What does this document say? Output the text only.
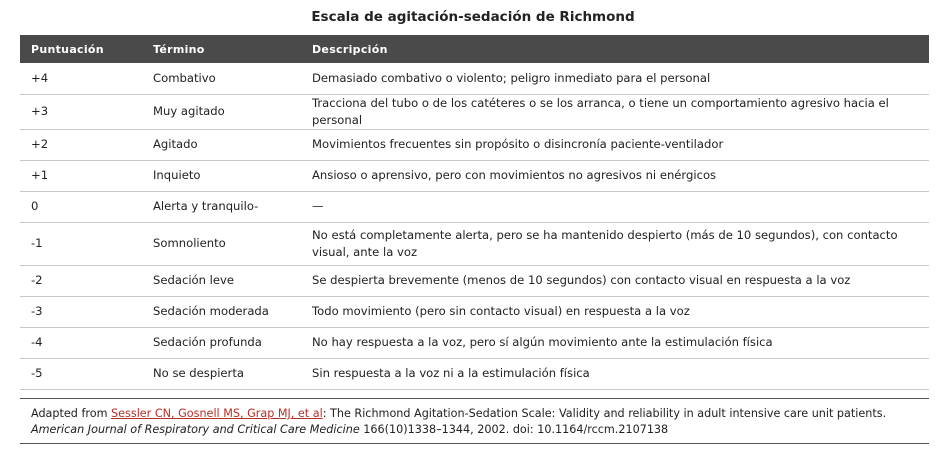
Escala de agitación-sedación de Richmond
Puntuación	Término	Descripción
+4	Combativo	Demasiado combativo o violento; peligro inmediato para el personal
+3	Muy agitado	Tracciona del tubo o de los catéteres o se los arranca, o tiene un comportamiento agresivo hacia el personal
+2	Agitado	Movimientos frecuentes sin propósito o disincronía paciente-ventilador
+1	Inquieto	Ansioso o aprensivo, pero con movimientos no agresivos ni enérgicos
0	Alerta y tranquilo-	—
-1	Somnoliento	No está completamente alerta, pero se ha mantenido despierto (más de 10 segundos), con contacto visual, ante la voz
-2	Sedación leve	Se despierta brevemente (menos de 10 segundos) con contacto visual en respuesta a la voz
-3	Sedación moderada	Todo movimiento (pero sin contacto visual) en respuesta a la voz
-4	Sedación profunda	No hay respuesta a la voz, pero sí algún movimiento ante la estimulación física
-5	No se despierta	Sin respuesta a la voz ni a la estimulación física
Adapted from Sessler CN, Gosnell MS, Grap MJ, et al: The Richmond Agitation-Sedation Scale: Validity and reliability in adult intensive care unit patients. American Journal of Respiratory and Critical Care Medicine 166(10)1338–1344, 2002. doi: 10.1164/rccm.2107138
